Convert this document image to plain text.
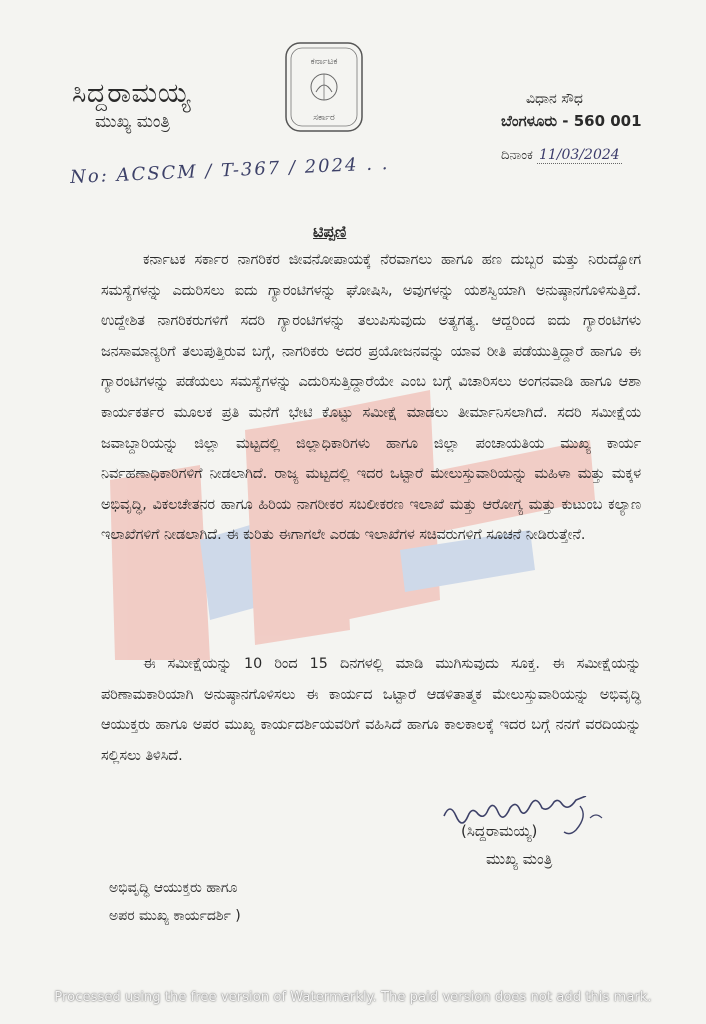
ಸಿದ್ದರಾಮಯ್ಯ
ಮುಖ್ಯ ಮಂತ್ರಿ
ಕರ್ನಾಟಕ
ಸರ್ಕಾರ
ವಿಧಾನ ಸೌಧ
ಬೆಂಗಳೂರು - 560 001
ದಿನಾಂಕ 11/03/2024
No: ACSCM / T-367 / 2024 . .
ಟಿಪ್ಪಣಿ

ಕರ್ನಾಟಕ ಸರ್ಕಾರ ನಾಗರಿಕರ ಜೀವನೋಪಾಯಕ್ಕೆ ನೆರವಾಗಲು ಹಾಗೂ ಹಣ ದುಬ್ಬರ ಮತ್ತು ನಿರುದ್ಯೋಗ ಸಮಸ್ಯೆಗಳನ್ನು ಎದುರಿಸಲು ಐದು ಗ್ಯಾರಂಟಿಗಳನ್ನು ಘೋಷಿಸಿ, ಅವುಗಳನ್ನು ಯಶಸ್ವಿಯಾಗಿ ಅನುಷ್ಠಾನಗೊಳಿಸುತ್ತಿದೆ. ಉದ್ದೇಶಿತ ನಾಗರಿಕರುಗಳಿಗೆ ಸದರಿ ಗ್ಯಾರಂಟಿಗಳನ್ನು ತಲುಪಿಸುವುದು ಅತ್ಯಗತ್ಯ. ಆದ್ದರಿಂದ ಐದು ಗ್ಯಾರಂಟಿಗಳು ಜನಸಾಮಾನ್ಯರಿಗೆ ತಲುಪುತ್ತಿರುವ ಬಗ್ಗೆ, ನಾಗರಿಕರು ಅದರ ಪ್ರಯೋಜನವನ್ನು ಯಾವ ರೀತಿ ಪಡೆಯುತ್ತಿದ್ದಾರೆ ಹಾಗೂ ಈ ಗ್ಯಾರಂಟಿಗಳನ್ನು ಪಡೆಯಲು ಸಮಸ್ಯೆಗಳನ್ನು ಎದುರಿಸುತ್ತಿದ್ದಾರೆಯೇ ಎಂಬ ಬಗ್ಗೆ ವಿಚಾರಿಸಲು ಅಂಗನವಾಡಿ ಹಾಗೂ ಆಶಾ ಕಾರ್ಯಕರ್ತರ ಮೂಲಕ ಪ್ರತಿ ಮನೆಗೆ ಭೇಟಿ ಕೊಟ್ಟು ಸಮೀಕ್ಷೆ ಮಾಡಲು ತೀರ್ಮಾನಿಸಲಾಗಿದೆ. ಸದರಿ ಸಮೀಕ್ಷೆಯ ಜವಾಬ್ದಾರಿಯನ್ನು ಜಿಲ್ಲಾ ಮಟ್ಟದಲ್ಲಿ ಜಿಲ್ಲಾಧಿಕಾರಿಗಳು ಹಾಗೂ ಜಿಲ್ಲಾ ಪಂಚಾಯತಿಯ ಮುಖ್ಯ ಕಾರ್ಯ ನಿರ್ವಹಣಾಧಿಕಾರಿಗಳಿಗೆ ನೀಡಲಾಗಿದೆ. ರಾಜ್ಯ ಮಟ್ಟದಲ್ಲಿ ಇದರ ಒಟ್ಟಾರೆ ಮೇಲುಸ್ತುವಾರಿಯನ್ನು ಮಹಿಳಾ ಮತ್ತು ಮಕ್ಕಳ ಅಭಿವೃದ್ಧಿ, ವಿಕಲಚೇತನರ ಹಾಗೂ ಹಿರಿಯ ನಾಗರೀಕರ ಸಬಲೀಕರಣ ಇಲಾಖೆ ಮತ್ತು ಆರೋಗ್ಯ ಮತ್ತು ಕುಟುಂಬ ಕಲ್ಯಾಣ ಇಲಾಖೆಗಳಿಗೆ ನೀಡಲಾಗಿದೆ. ಈ ಕುರಿತು ಈಗಾಗಲೇ ಎರಡು ಇಲಾಖೆಗಳ ಸಚಿವರುಗಳಿಗೆ ಸೂಚನೆ ನೀಡಿರುತ್ತೇನೆ.

ಈ ಸಮೀಕ್ಷೆಯನ್ನು 10 ರಿಂದ 15 ದಿನಗಳಲ್ಲಿ ಮಾಡಿ ಮುಗಿಸುವುದು ಸೂಕ್ತ. ಈ ಸಮೀಕ್ಷೆಯನ್ನು ಪರಿಣಾಮಕಾರಿಯಾಗಿ ಅನುಷ್ಠಾನಗೊಳಿಸಲು ಈ ಕಾರ್ಯದ ಒಟ್ಟಾರೆ ಆಡಳಿತಾತ್ಮಕ ಮೇಲುಸ್ತುವಾರಿಯನ್ನು ಅಭಿವೃದ್ಧಿ ಆಯುಕ್ತರು ಹಾಗೂ ಅಪರ ಮುಖ್ಯ ಕಾರ್ಯದರ್ಶಿಯವರಿಗೆ ವಹಿಸಿದೆ ಹಾಗೂ ಕಾಲಕಾಲಕ್ಕೆ ಇದರ ಬಗ್ಗೆ ನನಗೆ ವರದಿಯನ್ನು ಸಲ್ಲಿಸಲು ತಿಳಿಸಿದೆ.

(ಸಿದ್ದರಾಮಯ್ಯ)
ಮುಖ್ಯ ಮಂತ್ರಿ
ಅಭಿವೃದ್ಧಿ ಆಯುಕ್ತರು ಹಾಗೂ
ಅಪರ ಮುಖ್ಯ ಕಾರ್ಯದರ್ಶಿ )
Processed using the free version of Watermarkly. The paid version does not add this mark.
